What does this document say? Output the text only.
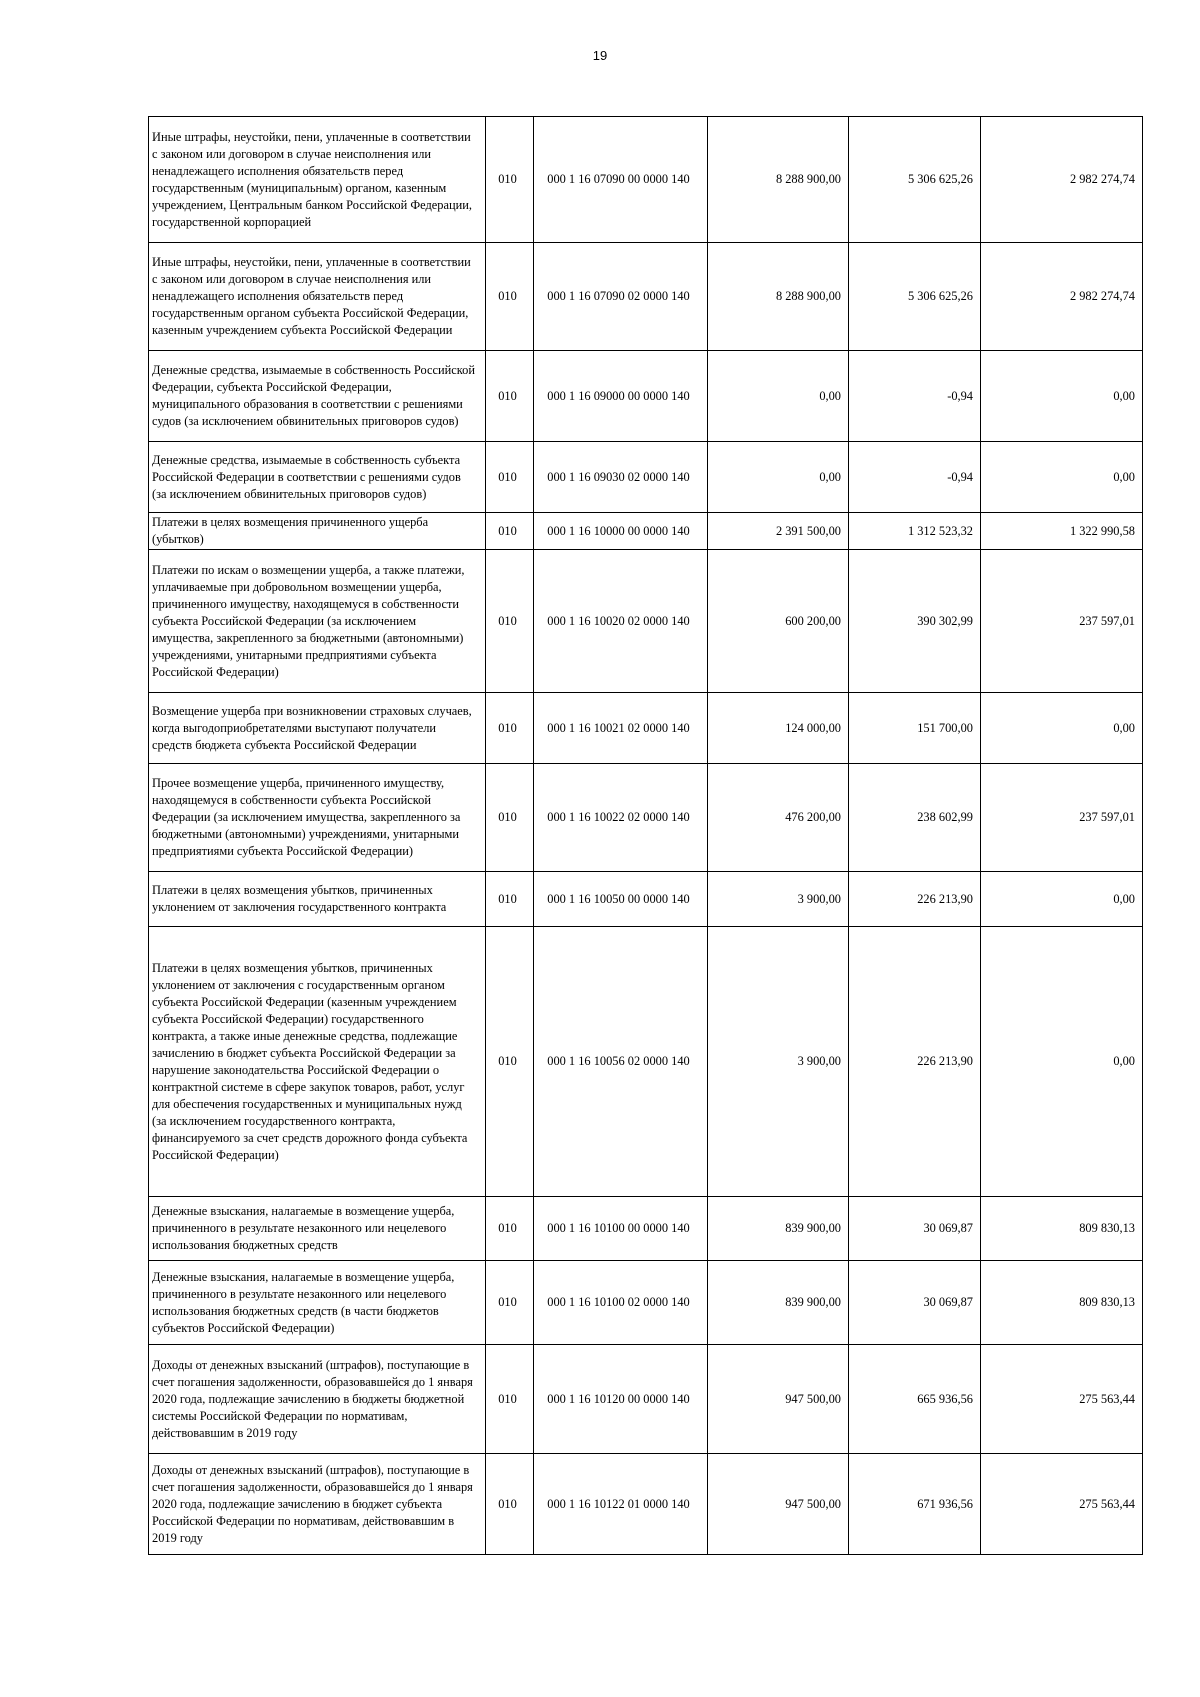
19
Иные штрафы, неустойки, пени, уплаченные в соответствии с законом или договором в случае неисполнения или ненадлежащего исполнения обязательств перед государственным (муниципальным) органом, казенным учреждением, Центральным банком Российской Федерации, государственной корпорацией	010	000 1 16 07090 00 0000 140	8 288 900,00	5 306 625,26	2 982 274,74
Иные штрафы, неустойки, пени, уплаченные в соответствии с законом или договором в случае неисполнения или ненадлежащего исполнения обязательств перед государственным органом субъекта Российской Федерации, казенным учреждением субъекта Российской Федерации	010	000 1 16 07090 02 0000 140	8 288 900,00	5 306 625,26	2 982 274,74
Денежные средства, изымаемые в собственность Российской Федерации, субъекта Российской Федерации, муниципального образования в соответствии с решениями судов (за исключением обвинительных приговоров судов)	010	000 1 16 09000 00 0000 140	0,00	-0,94	0,00
Денежные средства, изымаемые в собственность субъекта Российской Федерации в соответствии с решениями судов (за исключением обвинительных приговоров судов)	010	000 1 16 09030 02 0000 140	0,00	-0,94	0,00
Платежи в целях возмещения причиненного ущерба (убытков)	010	000 1 16 10000 00 0000 140	2 391 500,00	1 312 523,32	1 322 990,58
Платежи по искам о возмещении ущерба, а также платежи, уплачиваемые при добровольном возмещении ущерба, причиненного имуществу, находящемуся в собственности субъекта Российской Федерации (за исключением имущества, закрепленного за бюджетными (автономными) учреждениями, унитарными предприятиями субъекта Российской Федерации)	010	000 1 16 10020 02 0000 140	600 200,00	390 302,99	237 597,01
Возмещение ущерба при возникновении страховых случаев, когда выгодоприобретателями выступают получатели средств бюджета субъекта Российской Федерации	010	000 1 16 10021 02 0000 140	124 000,00	151 700,00	0,00
Прочее возмещение ущерба, причиненного имуществу, находящемуся в собственности субъекта Российской Федерации (за исключением имущества, закрепленного за бюджетными (автономными) учреждениями, унитарными предприятиями субъекта Российской Федерации)	010	000 1 16 10022 02 0000 140	476 200,00	238 602,99	237 597,01
Платежи в целях возмещения убытков, причиненных уклонением от заключения государственного контракта	010	000 1 16 10050 00 0000 140	3 900,00	226 213,90	0,00
Платежи в целях возмещения убытков, причиненных уклонением от заключения с государственным органом субъекта Российской Федерации (казенным учреждением субъекта Российской Федерации) государственного контракта, а также иные денежные средства, подлежащие зачислению в бюджет субъекта Российской Федерации за нарушение законодательства Российской Федерации о контрактной системе в сфере закупок товаров, работ, услуг для обеспечения государственных и муниципальных нужд (за исключением государственного контракта, финансируемого за счет средств дорожного фонда субъекта Российской Федерации)	010	000 1 16 10056 02 0000 140	3 900,00	226 213,90	0,00
Денежные взыскания, налагаемые в возмещение ущерба, причиненного в результате незаконного или нецелевого использования бюджетных средств	010	000 1 16 10100 00 0000 140	839 900,00	30 069,87	809 830,13
Денежные взыскания, налагаемые в возмещение ущерба, причиненного в результате незаконного или нецелевого использования бюджетных средств (в части бюджетов субъектов Российской Федерации)	010	000 1 16 10100 02 0000 140	839 900,00	30 069,87	809 830,13
Доходы от денежных взысканий (штрафов), поступающие в счет погашения задолженности, образовавшейся до 1 января 2020 года, подлежащие зачислению в бюджеты бюджетной системы Российской Федерации по нормативам, действовавшим в 2019 году	010	000 1 16 10120 00 0000 140	947 500,00	665 936,56	275 563,44
Доходы от денежных взысканий (штрафов), поступающие в счет погашения задолженности, образовавшейся до 1 января 2020 года, подлежащие зачислению в бюджет субъекта Российской Федерации по нормативам, действовавшим в 2019 году	010	000 1 16 10122 01 0000 140	947 500,00	671 936,56	275 563,44
